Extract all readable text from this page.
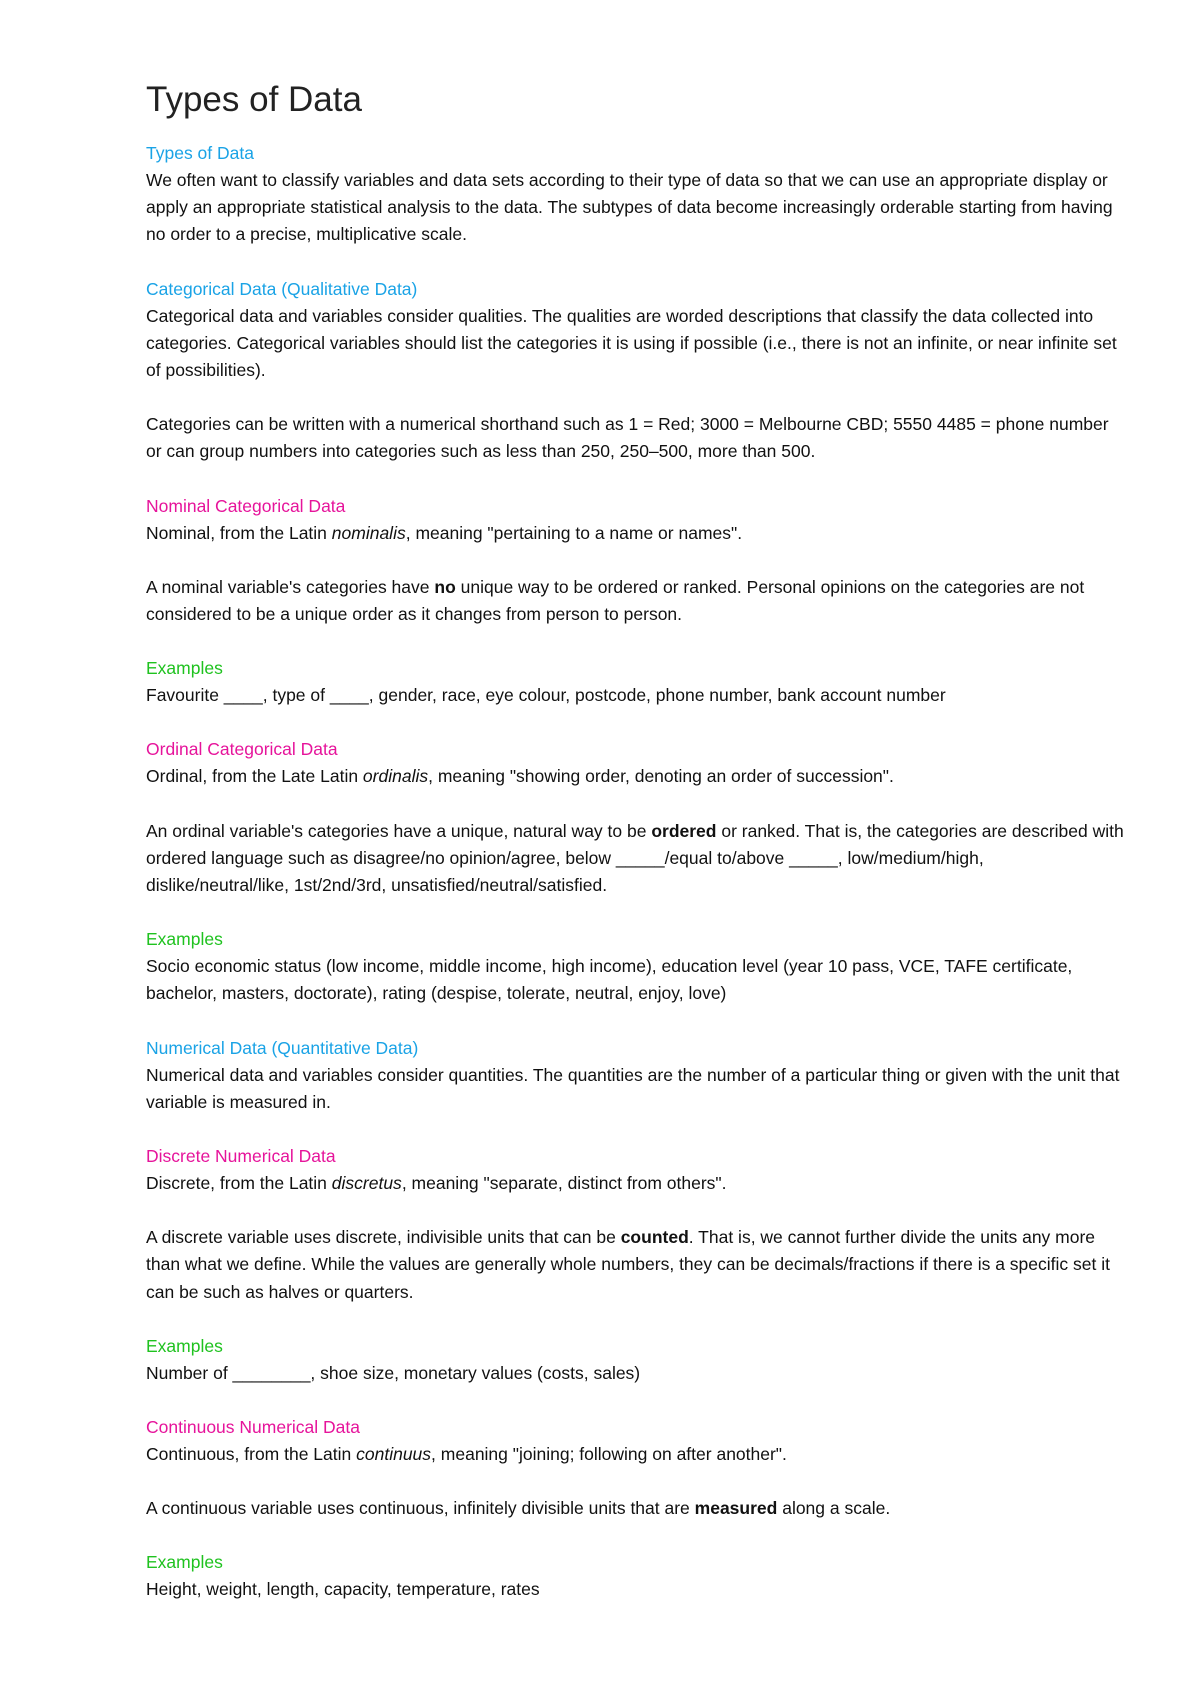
Types of Data
Types of Data

We often want to classify variables and data sets according to their type of data so that we can use an appropriate display or apply an appropriate statistical analysis to the data. The subtypes of data become increasingly orderable starting from having no order to a precise, multiplicative scale.

Categorical Data (Qualitative Data)

Categorical data and variables consider qualities. The qualities are worded descriptions that classify the data collected into categories. Categorical variables should list the categories it is using if possible (i.e., there is not an infinite, or near infinite set of possibilities).

Categories can be written with a numerical shorthand such as 1 = Red; 3000 = Melbourne CBD; 5550 4485 = phone number or can group numbers into categories such as less than 250, 250–500, more than 500.

Nominal Categorical Data

Nominal, from the Latin nominalis, meaning "pertaining to a name or names".

A nominal variable's categories have no unique way to be ordered or ranked. Personal opinions on the categories are not considered to be a unique order as it changes from person to person.

Examples

Favourite ____, type of ____, gender, race, eye colour, postcode, phone number, bank account number

Ordinal Categorical Data

Ordinal, from the Late Latin ordinalis, meaning "showing order, denoting an order of succession".

An ordinal variable's categories have a unique, natural way to be ordered or ranked. That is, the categories are described with ordered language such as disagree/no opinion/agree, below _____/equal to/above _____, low/medium/high, dislike/neutral/like, 1st/2nd/3rd, unsatisfied/neutral/satisfied.

Examples

Socio economic status (low income, middle income, high income), education level (year 10 pass, VCE, TAFE certificate, bachelor, masters, doctorate), rating (despise, tolerate, neutral, enjoy, love)

Numerical Data (Quantitative Data)

Numerical data and variables consider quantities. The quantities are the number of a particular thing or given with the unit that variable is measured in.

Discrete Numerical Data

Discrete, from the Latin discretus, meaning "separate, distinct from others".

A discrete variable uses discrete, indivisible units that can be counted. That is, we cannot further divide the units any more than what we define. While the values are generally whole numbers, they can be decimals/fractions if there is a specific set it can be such as halves or quarters.

Examples

Number of ________, shoe size, monetary values (costs, sales)

Continuous Numerical Data

Continuous, from the Latin continuus, meaning "joining; following on after another".

A continuous variable uses continuous, infinitely divisible units that are measured along a scale.

Examples

Height, weight, length, capacity, temperature, rates
